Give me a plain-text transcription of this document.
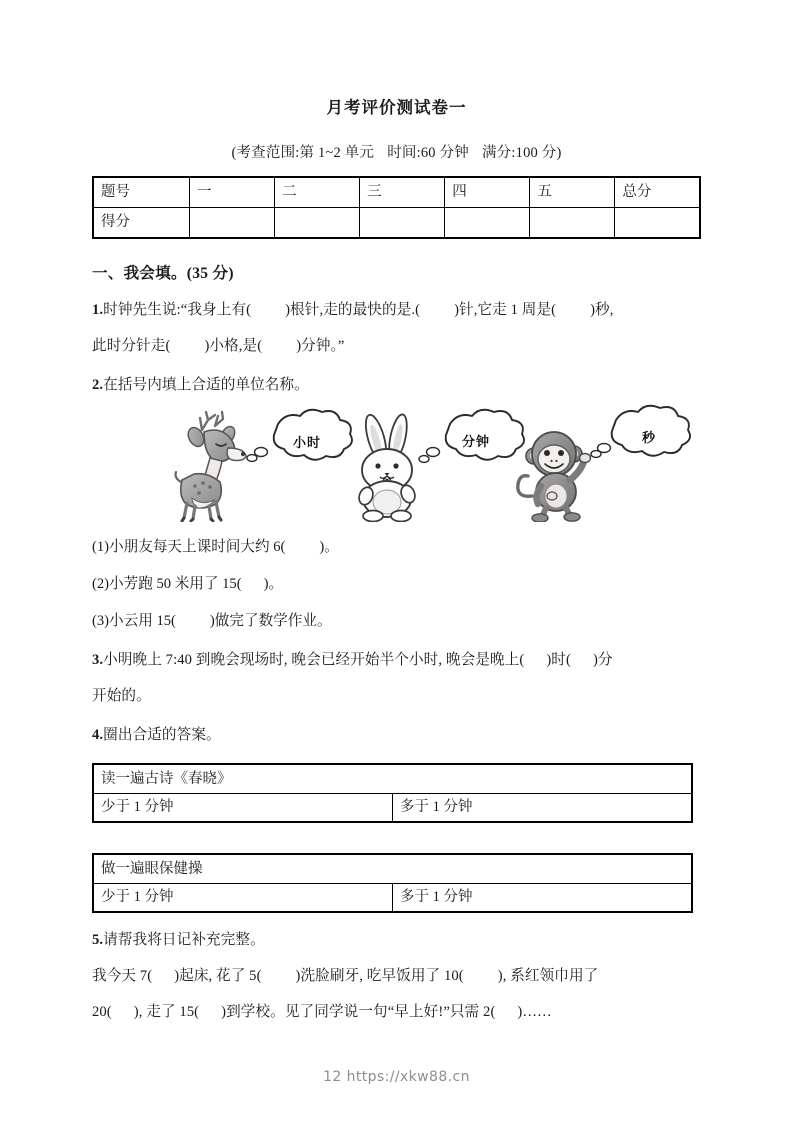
月考评价测试卷一
(考查范围:第 1~2 单元 时间:60 分钟 满分:100 分)
题号	一	二	三	四	五	总分
得分						
一、我会填。(35 分)
1.时钟先生说:“我身上有( )根针,走的最快的是.( )针,它走 1 周是( )秒,
此时分针走( )小格,是( )分钟。”
2.在括号内填上合适的单位名称。
小时	分钟	秒
(1)小朋友每天上课时间大约 6( )。
(2)小芳跑 50 米用了 15( )。
(3)小云用 15( )做完了数学作业。
3.小明晚上 7:40 到晚会现场时, 晚会已经开始半个小时, 晚会是晚上( )时( )分
开始的。
4.圈出合适的答案。
读一遍古诗《春晓》
少于 1 分钟	多于 1 分钟
做一遍眼保健操
少于 1 分钟	多于 1 分钟
5.请帮我将日记补充完整。
我今天 7( )起床, 花了 5( )洗脸刷牙, 吃早饭用了 10( ), 系红领巾用了
20( ), 走了 15( )到学校。见了同学说一句“早上好!”只需 2( )……
12 https://xkw88.cn
